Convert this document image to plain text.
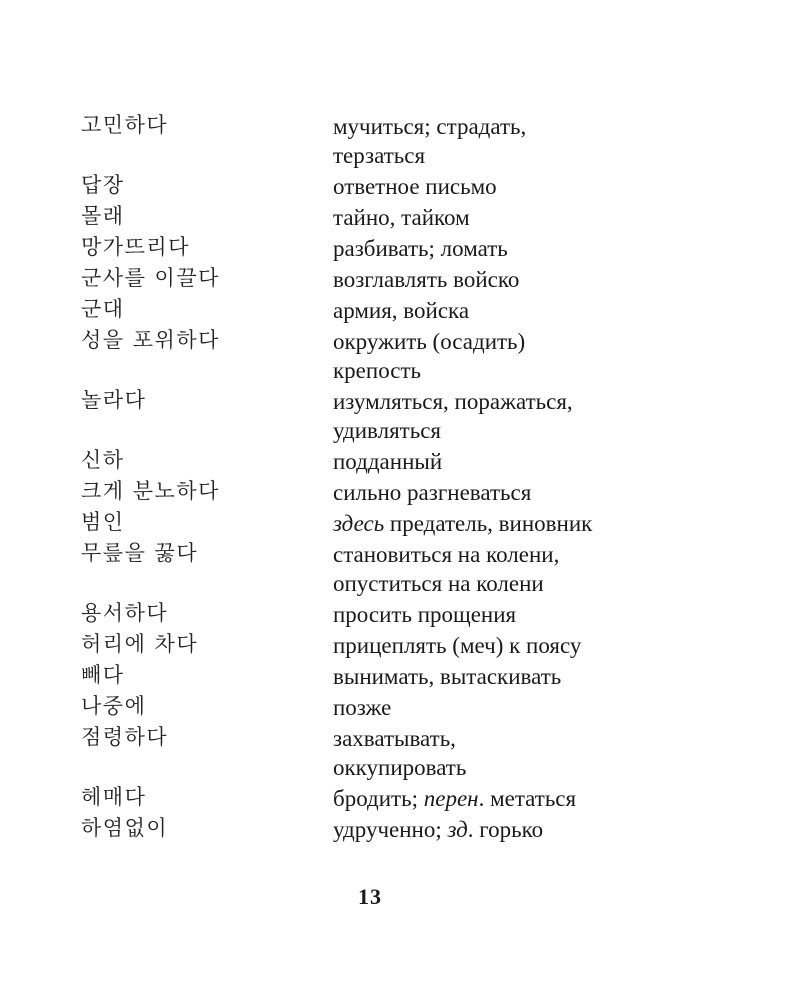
고민하다	мучиться; страдать,
терзаться
답장	ответное письмо
몰래	тайно, тайком
망가뜨리다	разбивать; ломать
군사를 이끌다	возглавлять войско
군대	армия, войска
성을 포위하다	окружить (осадить)
крепость
놀라다	изумляться, поражаться,
удивляться
신하	подданный
크게 분노하다	сильно разгневаться
범인	здесь предатель, виновник
무릎을 꿇다	становиться на колени,
опуститься на колени
용서하다	просить прощения
허리에 차다	прицеплять (меч) к поясу
빼다	вынимать, вытаскивать
나중에	позже
점령하다	захватывать,
оккупировать
헤매다	бродить; перен. метаться
하염없이	удрученно; зд. горько
13
